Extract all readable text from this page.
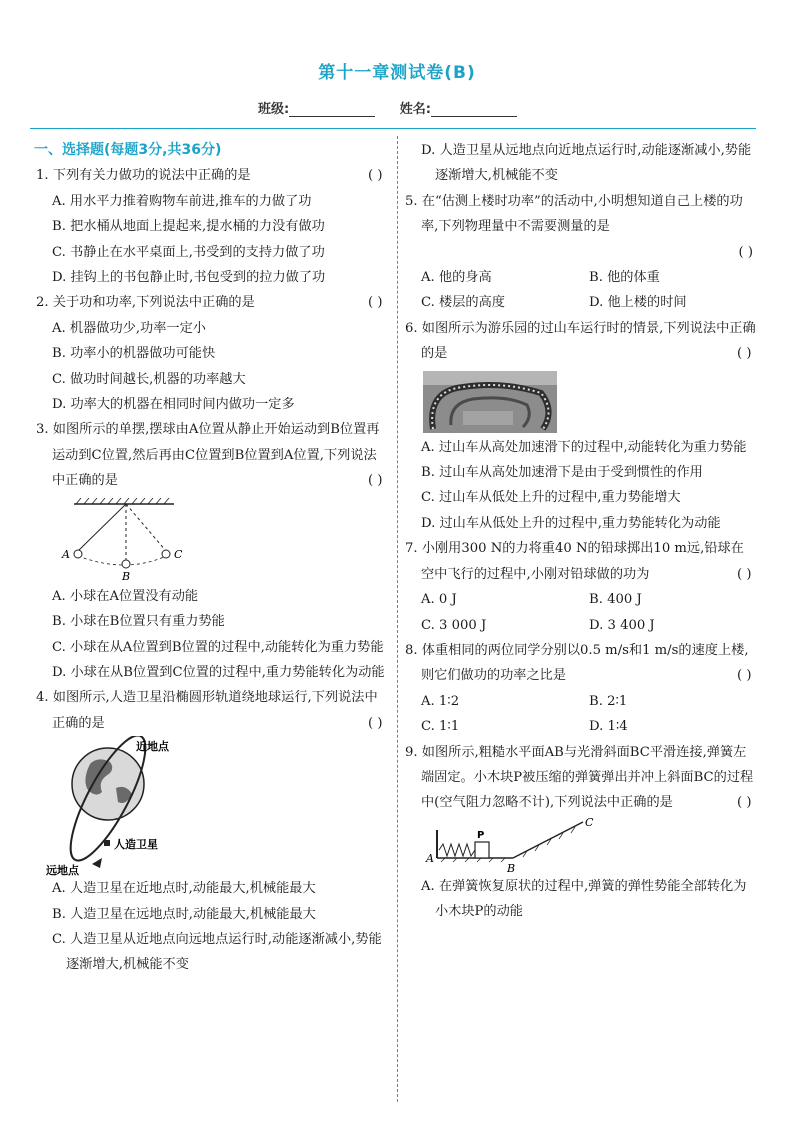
第十一章测试卷(B)
班级:	姓名:
一、选择题(每题3分,共36分)
( )
1. 下列有关力做功的说法中正确的是
A. 用水平力推着购物车前进,推车的力做了功
B. 把水桶从地面上提起来,提水桶的力没有做功
C. 书静止在水平桌面上,书受到的支持力做了功
D. 挂钩上的书包静止时,书包受到的拉力做了功
( )
2. 关于功和功率,下列说法中正确的是
A. 机器做功少,功率一定小
B. 功率小的机器做功可能快
C. 做功时间越长,机器的功率越大
D. 功率大的机器在相同时间内做功一定多
3. 如图所示的单摆,摆球由A位置从静止开始运动到B位置再运动到C位置,然后再由C位置到B位置到A位置,下列说法中正确的是	( )
A
B
C
A. 小球在A位置没有动能
B. 小球在B位置只有重力势能
C. 小球在从A位置到B位置的过程中,动能转化为重力势能
D. 小球在从B位置到C位置的过程中,重力势能转化为动能
4. 如图所示,人造卫星沿椭圆形轨道绕地球运行,下列说法中正确的是	( )
近地点
人造卫星
远地点
A. 人造卫星在近地点时,动能最大,机械能最大
B. 人造卫星在远地点时,动能最大,机械能最大
C. 人造卫星从近地点向远地点运行时,动能逐渐减小,势能逐渐增大,机械能不变
D. 人造卫星从远地点向近地点运行时,动能逐渐减小,势能逐渐增大,机械能不变
5. 在“估测上楼时功率”的活动中,小明想知道自己上楼的功率,下列物理量中不需要测量的是
( )
A. 他的身高	B. 他的体重
C. 楼层的高度	D. 他上楼的时间
6. 如图所示为游乐园的过山车运行时的情景,下列说法中正确的是	( )
A. 过山车从高处加速滑下的过程中,动能转化为重力势能
B. 过山车从高处加速滑下是由于受到惯性的作用
C. 过山车从低处上升的过程中,重力势能增大
D. 过山车从低处上升的过程中,重力势能转化为动能
7. 小刚用300 N的力将重40 N的铅球掷出10 m远,铅球在空中飞行的过程中,小刚对铅球做的功为	( )
A. 0 J	B. 400 J
C. 3 000 J	D. 3 400 J
8. 体重相同的两位同学分别以0.5 m/s和1 m/s的速度上楼,则它们做功的功率之比是	( )
A. 1∶2	B. 2∶1
C. 1∶1	D. 1∶4
9. 如图所示,粗糙水平面AB与光滑斜面BC平滑连接,弹簧左端固定。小木块P被压缩的弹簧弹出并冲上斜面BC的过程中(空气阻力忽略不计),下列说法中正确的是	( )
A
B
C
P
A. 在弹簧恢复原状的过程中,弹簧的弹性势能全部转化为小木块P的动能
